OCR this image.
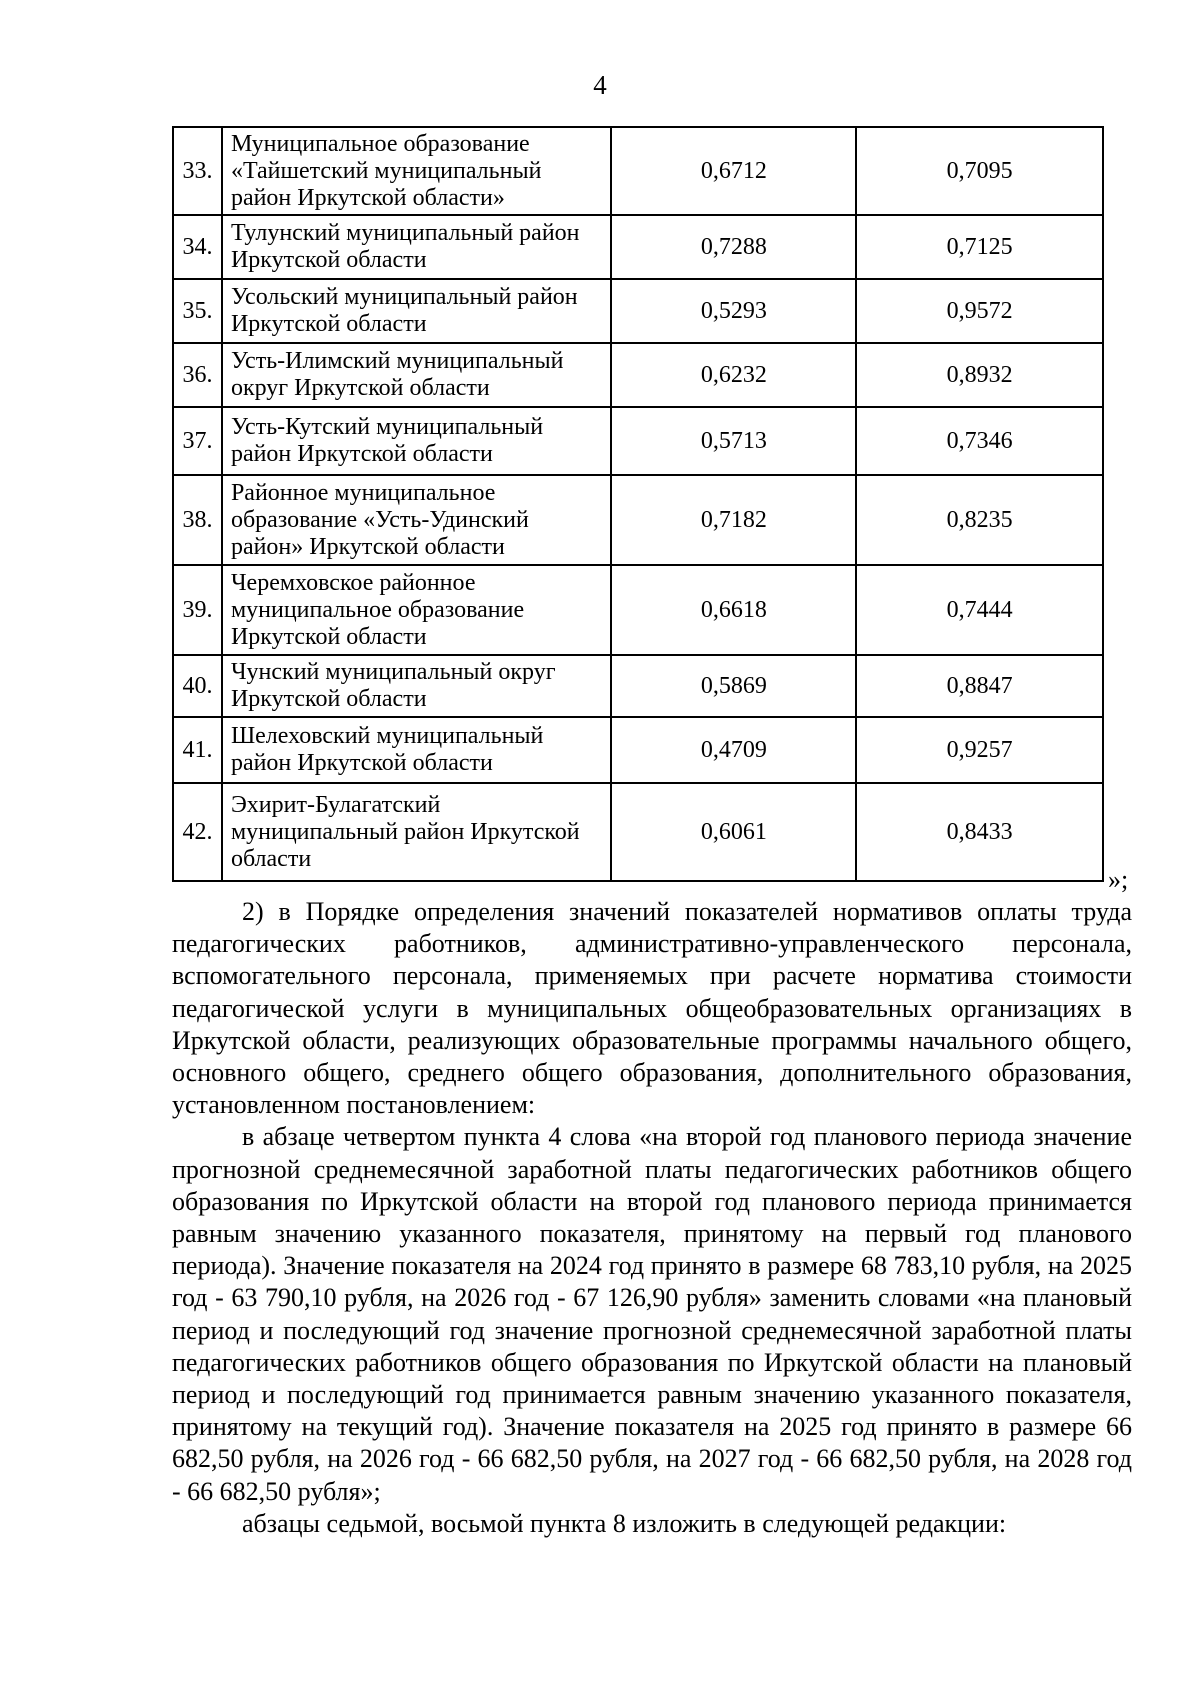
4
33.	Муниципальное образование «Тайшетский муниципальный район Иркутской области»	0,6712	0,7095
34.	Тулунский муниципальный район Иркутской области	0,7288	0,7125
35.	Усольский муниципальный район Иркутской области	0,5293	0,9572
36.	Усть-Илимский муниципальный округ Иркутской области	0,6232	0,8932
37.	Усть-Кутский муниципальный район Иркутской области	0,5713	0,7346
38.	Районное муниципальное образование «Усть-Удинский район» Иркутской области	0,7182	0,8235
39.	Черемховское районное муниципальное образование Иркутской области	0,6618	0,7444
40.	Чунский муниципальный округ Иркутской области	0,5869	0,8847
41.	Шелеховский муниципальный район Иркутской области	0,4709	0,9257
42.	Эхирит-Булагатский муниципальный район Иркутской области	0,6061	0,8433
»;

2) в Порядке определения значений показателей нормативов оплаты труда педагогических работников, административно-управленческого персонала, вспомогательного персонала, применяемых при расчете норматива стоимости педагогической услуги в муниципальных общеобразовательных организациях в Иркутской области, реализующих образовательные программы начального общего, основного общего, среднего общего образования, дополнительного образования, установленном постановлением:

в абзаце четвертом пункта 4 слова «на второй год планового периода значение прогнозной среднемесячной заработной платы педагогических работников общего образования по Иркутской области на второй год планового периода принимается равным значению указанного показателя, принятому на первый год планового периода). Значение показателя на 2024 год принято в размере 68 783,10 рубля, на 2025 год - 63 790,10 рубля, на 2026 год - 67 126,90 рубля» заменить словами «на плановый период и последующий год значение прогнозной среднемесячной заработной платы педагогических работников общего образования по Иркутской области на плановый период и последующий год принимается равным значению указанного показателя, принятому на текущий год). Значение показателя на 2025 год принято в размере 66 682,50 рубля, на 2026 год - 66 682,50 рубля, на 2027 год - 66 682,50 рубля, на 2028 год - 66 682,50 рубля»;

абзацы седьмой, восьмой пункта 8 изложить в следующей редакции:
